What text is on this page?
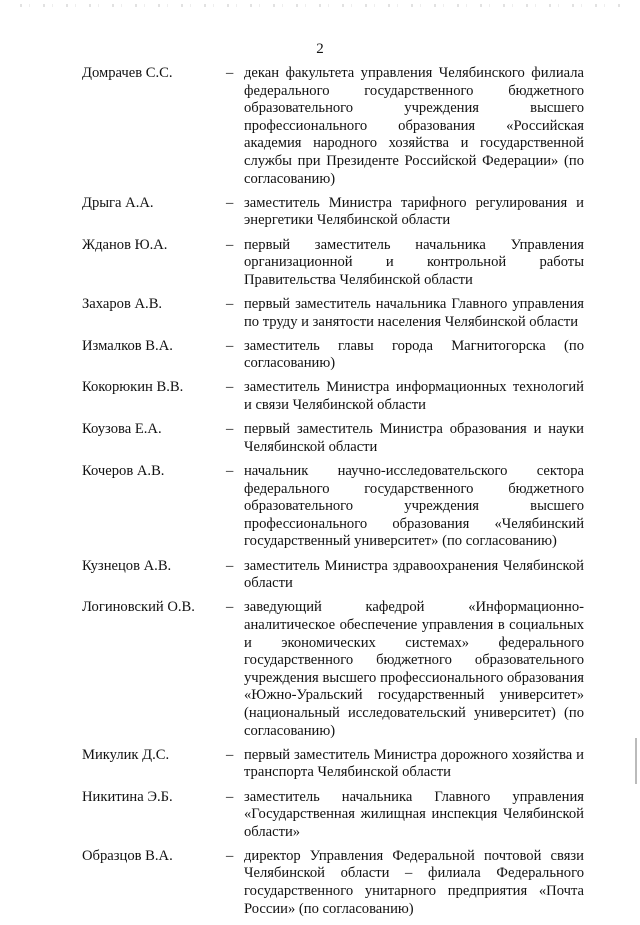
2
Домрачев С.С.	– декан факультета управления Челябинского филиала федерального государственного бюджетного образовательного учреждения высшего профессионального образования «Российская академия народного хозяйства и государственной службы при Президенте Российской Федерации» (по согласованию)
Дрыга А.А.	– заместитель Министра тарифного регулирования и энергетики Челябинской области
Жданов Ю.А.	– первый заместитель начальника Управления организационной и контрольной работы Правительства Челябинской области
Захаров А.В.	– первый заместитель начальника Главного управления по труду и занятости населения Челябинской области
Измалков В.А.	– заместитель главы города Магнитогорска (по согласованию)
Кокорюкин В.В.	– заместитель Министра информационных технологий и связи Челябинской области
Коузова Е.А.	– первый заместитель Министра образования и науки Челябинской области
Кочеров А.В.	– начальник научно-исследовательского сектора федерального государственного бюджетного образовательного учреждения высшего профессионального образования «Челябинский государственный университет» (по согласованию)
Кузнецов А.В.	– заместитель Министра здравоохранения Челябинской области
Логиновский О.В.	– заведующий кафедрой «Информационно-аналитическое обеспечение управления в социальных и экономических системах» федерального государственного бюджетного образовательного учреждения высшего профессионального образования «Южно-Уральский государственный университет» (национальный исследовательский университет) (по согласованию)
Микулик Д.С.	– первый заместитель Министра дорожного хозяйства и транспорта Челябинской области
Никитина Э.Б.	– заместитель начальника Главного управления «Государственная жилищная инспекция Челябинской области»
Образцов В.А.	– директор Управления Федеральной почтовой связи Челябинской области – филиала Федерального государственного унитарного предприятия «Почта России» (по согласованию)
